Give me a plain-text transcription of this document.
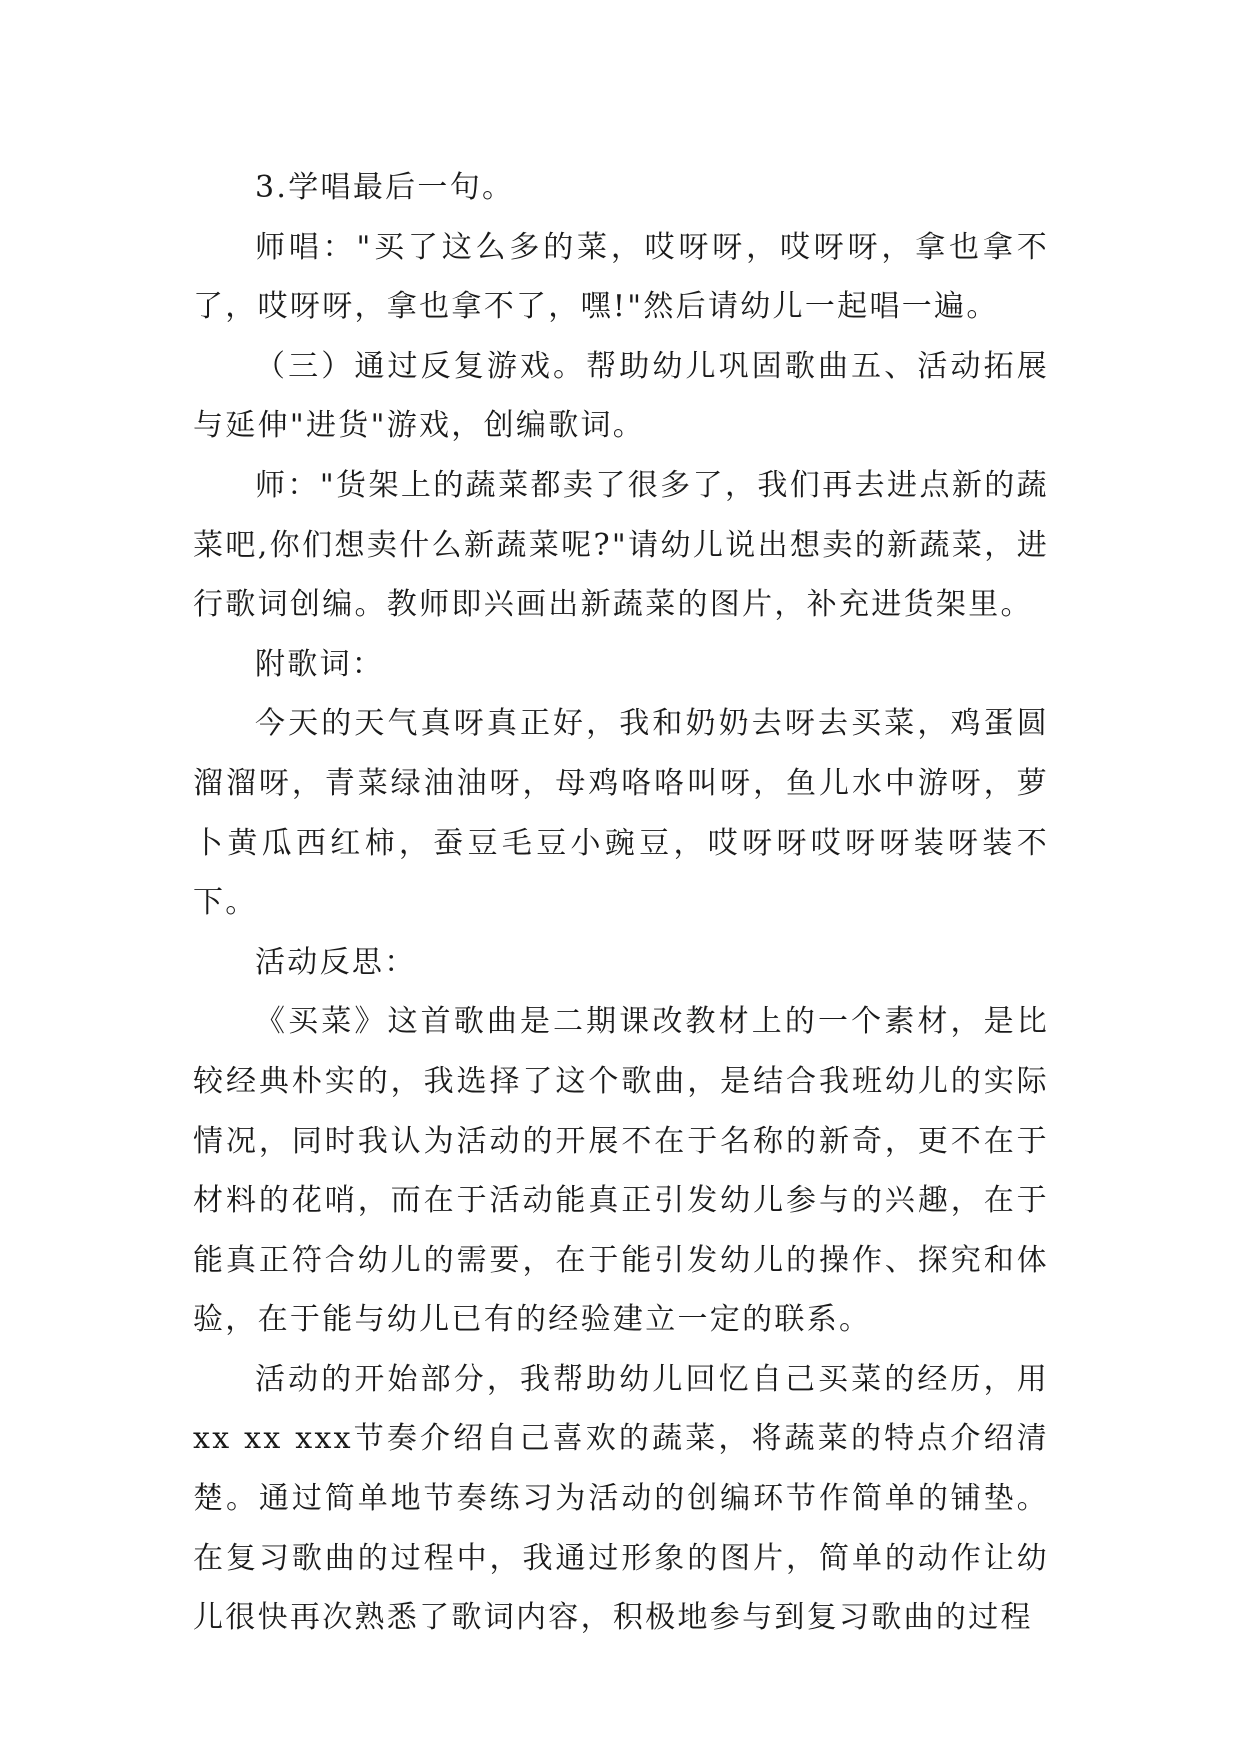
3.学唱最后一句。

师唱："买了这么多的菜，哎呀呀，哎呀呀，拿也拿不了，哎呀呀，拿也拿不了，嘿!"然后请幼儿一起唱一遍。

（三）通过反复游戏。帮助幼儿巩固歌曲五、活动拓展与延伸"进货"游戏，创编歌词。

师："货架上的蔬菜都卖了很多了，我们再去进点新的蔬菜吧,你们想卖什么新蔬菜呢?"请幼儿说出想卖的新蔬菜，进行歌词创编。教师即兴画出新蔬菜的图片，补充进货架里。

附歌词：

今天的天气真呀真正好，我和奶奶去呀去买菜，鸡蛋圆溜溜呀，青菜绿油油呀，母鸡咯咯叫呀，鱼儿水中游呀，萝卜黄瓜西红柿，蚕豆毛豆小豌豆，哎呀呀哎呀呀装呀装不下。

活动反思：

《买菜》这首歌曲是二期课改教材上的一个素材，是比较经典朴实的，我选择了这个歌曲，是结合我班幼儿的实际情况，同时我认为活动的开展不在于名称的新奇，更不在于材料的花哨，而在于活动能真正引发幼儿参与的兴趣，在于能真正符合幼儿的需要，在于能引发幼儿的操作、探究和体验，在于能与幼儿已有的经验建立一定的联系。

活动的开始部分，我帮助幼儿回忆自己买菜的经历，用xx xx xxx节奏介绍自己喜欢的蔬菜，将蔬菜的特点介绍清楚。通过简单地节奏练习为活动的创编环节作简单的铺垫。在复习歌曲的过程中，我通过形象的图片，简单的动作让幼儿很快再次熟悉了歌词内容，积极地参与到复习歌曲的过程
